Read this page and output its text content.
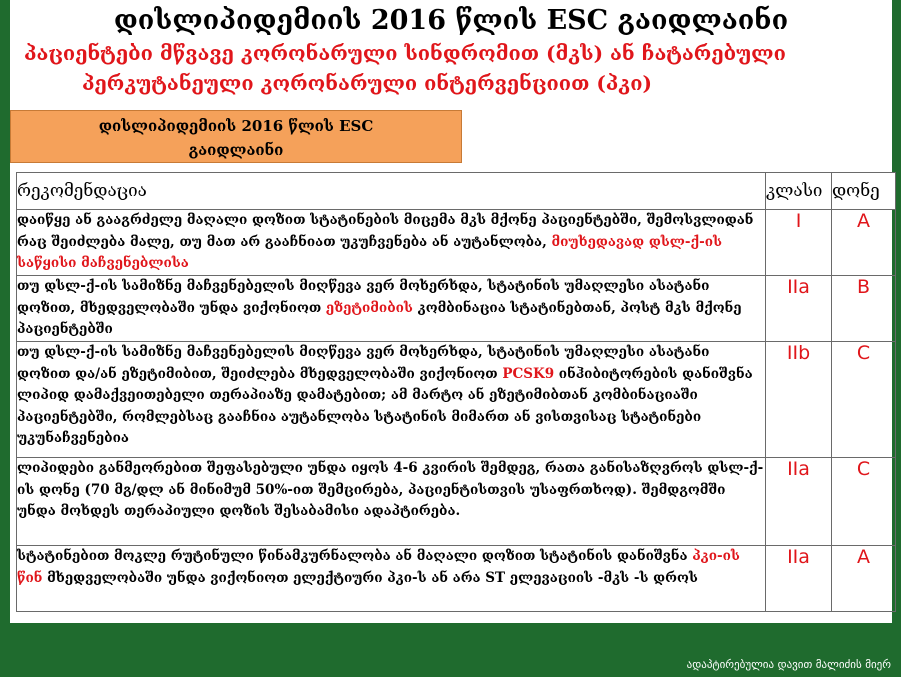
დისლიპიდემიის 2016 წლის ESC გაიდლაინი
პაციენტები მწვავე კორონარული სინდრომით (მკს) ან ჩატარებული
პერკუტანეული კორონარული ინტერვენციით (პკი)
დისლიპიდემიის 2016 წლის ESC
გაიდლაინი
რეკომენდაცია	კლასი	დონე
დაიწყე ან გააგრძელე მაღალი დოზით სტატინების მიცემა მკს მქონე პაციენტებში, შემოსვლიდან რაც შეიძლება მალე, თუ მათ არ გააჩნიათ უკუჩვენება ან აუტანლობა, მიუხედავად დსლ-ქ-ის საწყისი მაჩვენებლისა	I	A
თუ დსლ-ქ-ის სამიზნე მაჩვენებელის მიღწევა ვერ მოხერხდა, სტატინის უმაღლესი ასატანი დოზით, მხედველობაში უნდა ვიქონიოთ ეზეტიმიბის კომბინაცია სტატინებთან, პოსტ მკს მქონე პაციენტებში	IIa	B
თუ დსლ-ქ-ის სამიზნე მაჩვენებელის მიღწევა ვერ მოხერხდა, სტატინის უმაღლესი ასატანი დოზით და/ან ეზეტიმიბით, შეიძლება მხედველობაში ვიქონიოთ PCSK9 ინჰიბიტორების დანიშვნა ლიპიდ დამაქვეითებელი თერაპიაზე დამატებით; ამ მარტო ან ეზეტიმიბთან კომბინაციაში პაციენტებში, რომლებსაც გააჩნია აუტანლობა სტატინის მიმართ ან ვისთვისაც სტატინები უკუნაჩვენებია	IIb	C
ლიპიდები განმეორებით შეფასებული უნდა იყოს 4-6 კვირის შემდეგ, რათა განისაზღვროს დსლ-ქ-ის დონე (70 მგ/დლ ან მინიმუმ 50%-ით შემცირება, პაციენტისთვის უსაფრთხოდ). შემდგომში უნდა მოხდეს თერაპიული დოზის შესაბამისი ადაპტირება.	IIa	C
სტატინებით მოკლე რუტინული წინამკურნალობა ან მაღალი დოზით სტატინის დანიშვნა პკი-ის წინ მხედველობაში უნდა ვიქონიოთ ელექტიური პკი-ს ან არა ST ელევაციის -მკს -ს დროს	IIa	A
ადაპტირებულია დავით მალიძის მიერ
